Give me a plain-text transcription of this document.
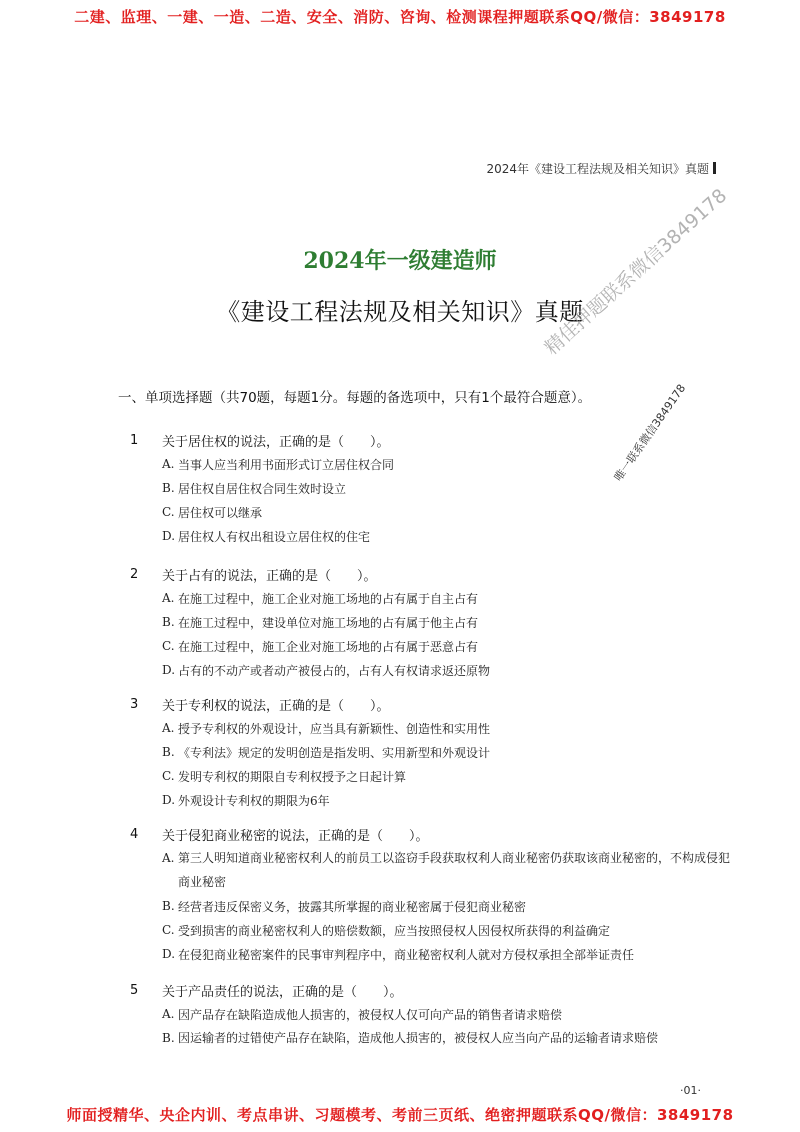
二建、监理、一建、一造、二造、安全、消防、咨询、检测课程押题联系QQ/微信：3849178
2024年《建设工程法规及相关知识》真题
2024年一级建造师
《建设工程法规及相关知识》真题
一、单项选择题（共70题，每题1分。每题的备选项中，只有1个最符合题意）。
1	关于居住权的说法，正确的是（　　）。
A. 当事人应当利用书面形式订立居住权合同
B. 居住权自居住权合同生效时设立
C. 居住权可以继承
D. 居住权人有权出租设立居住权的住宅
2	关于占有的说法，正确的是（　　）。
A. 在施工过程中，施工企业对施工场地的占有属于自主占有
B. 在施工过程中，建设单位对施工场地的占有属于他主占有
C. 在施工过程中，施工企业对施工场地的占有属于恶意占有
D. 占有的不动产或者动产被侵占的，占有人有权请求返还原物
3	关于专利权的说法，正确的是（　　）。
A. 授予专利权的外观设计，应当具有新颖性、创造性和实用性
B. 《专利法》规定的发明创造是指发明、实用新型和外观设计
C. 发明专利权的期限自专利权授予之日起计算
D. 外观设计专利权的期限为6年
4	关于侵犯商业秘密的说法，正确的是（　　）。
A. 第三人明知道商业秘密权利人的前员工以盗窃手段获取权利人商业秘密仍获取该商业秘密的，不构成侵犯商业秘密
B. 经营者违反保密义务，披露其所掌握的商业秘密属于侵犯商业秘密
C. 受到损害的商业秘密权利人的赔偿数额，应当按照侵权人因侵权所获得的利益确定
D. 在侵犯商业秘密案件的民事审判程序中，商业秘密权利人就对方侵权承担全部举证责任
5	关于产品责任的说法，正确的是（　　）。
A. 因产品存在缺陷造成他人损害的，被侵权人仅可向产品的销售者请求赔偿
B. 因运输者的过错使产品存在缺陷，造成他人损害的，被侵权人应当向产品的运输者请求赔偿
精佳押题联系微信3849178
唯一联系微信3849178
·01·
师面授精华、央企内训、考点串讲、习题模考、考前三页纸、绝密押题联系QQ/微信：3849178
